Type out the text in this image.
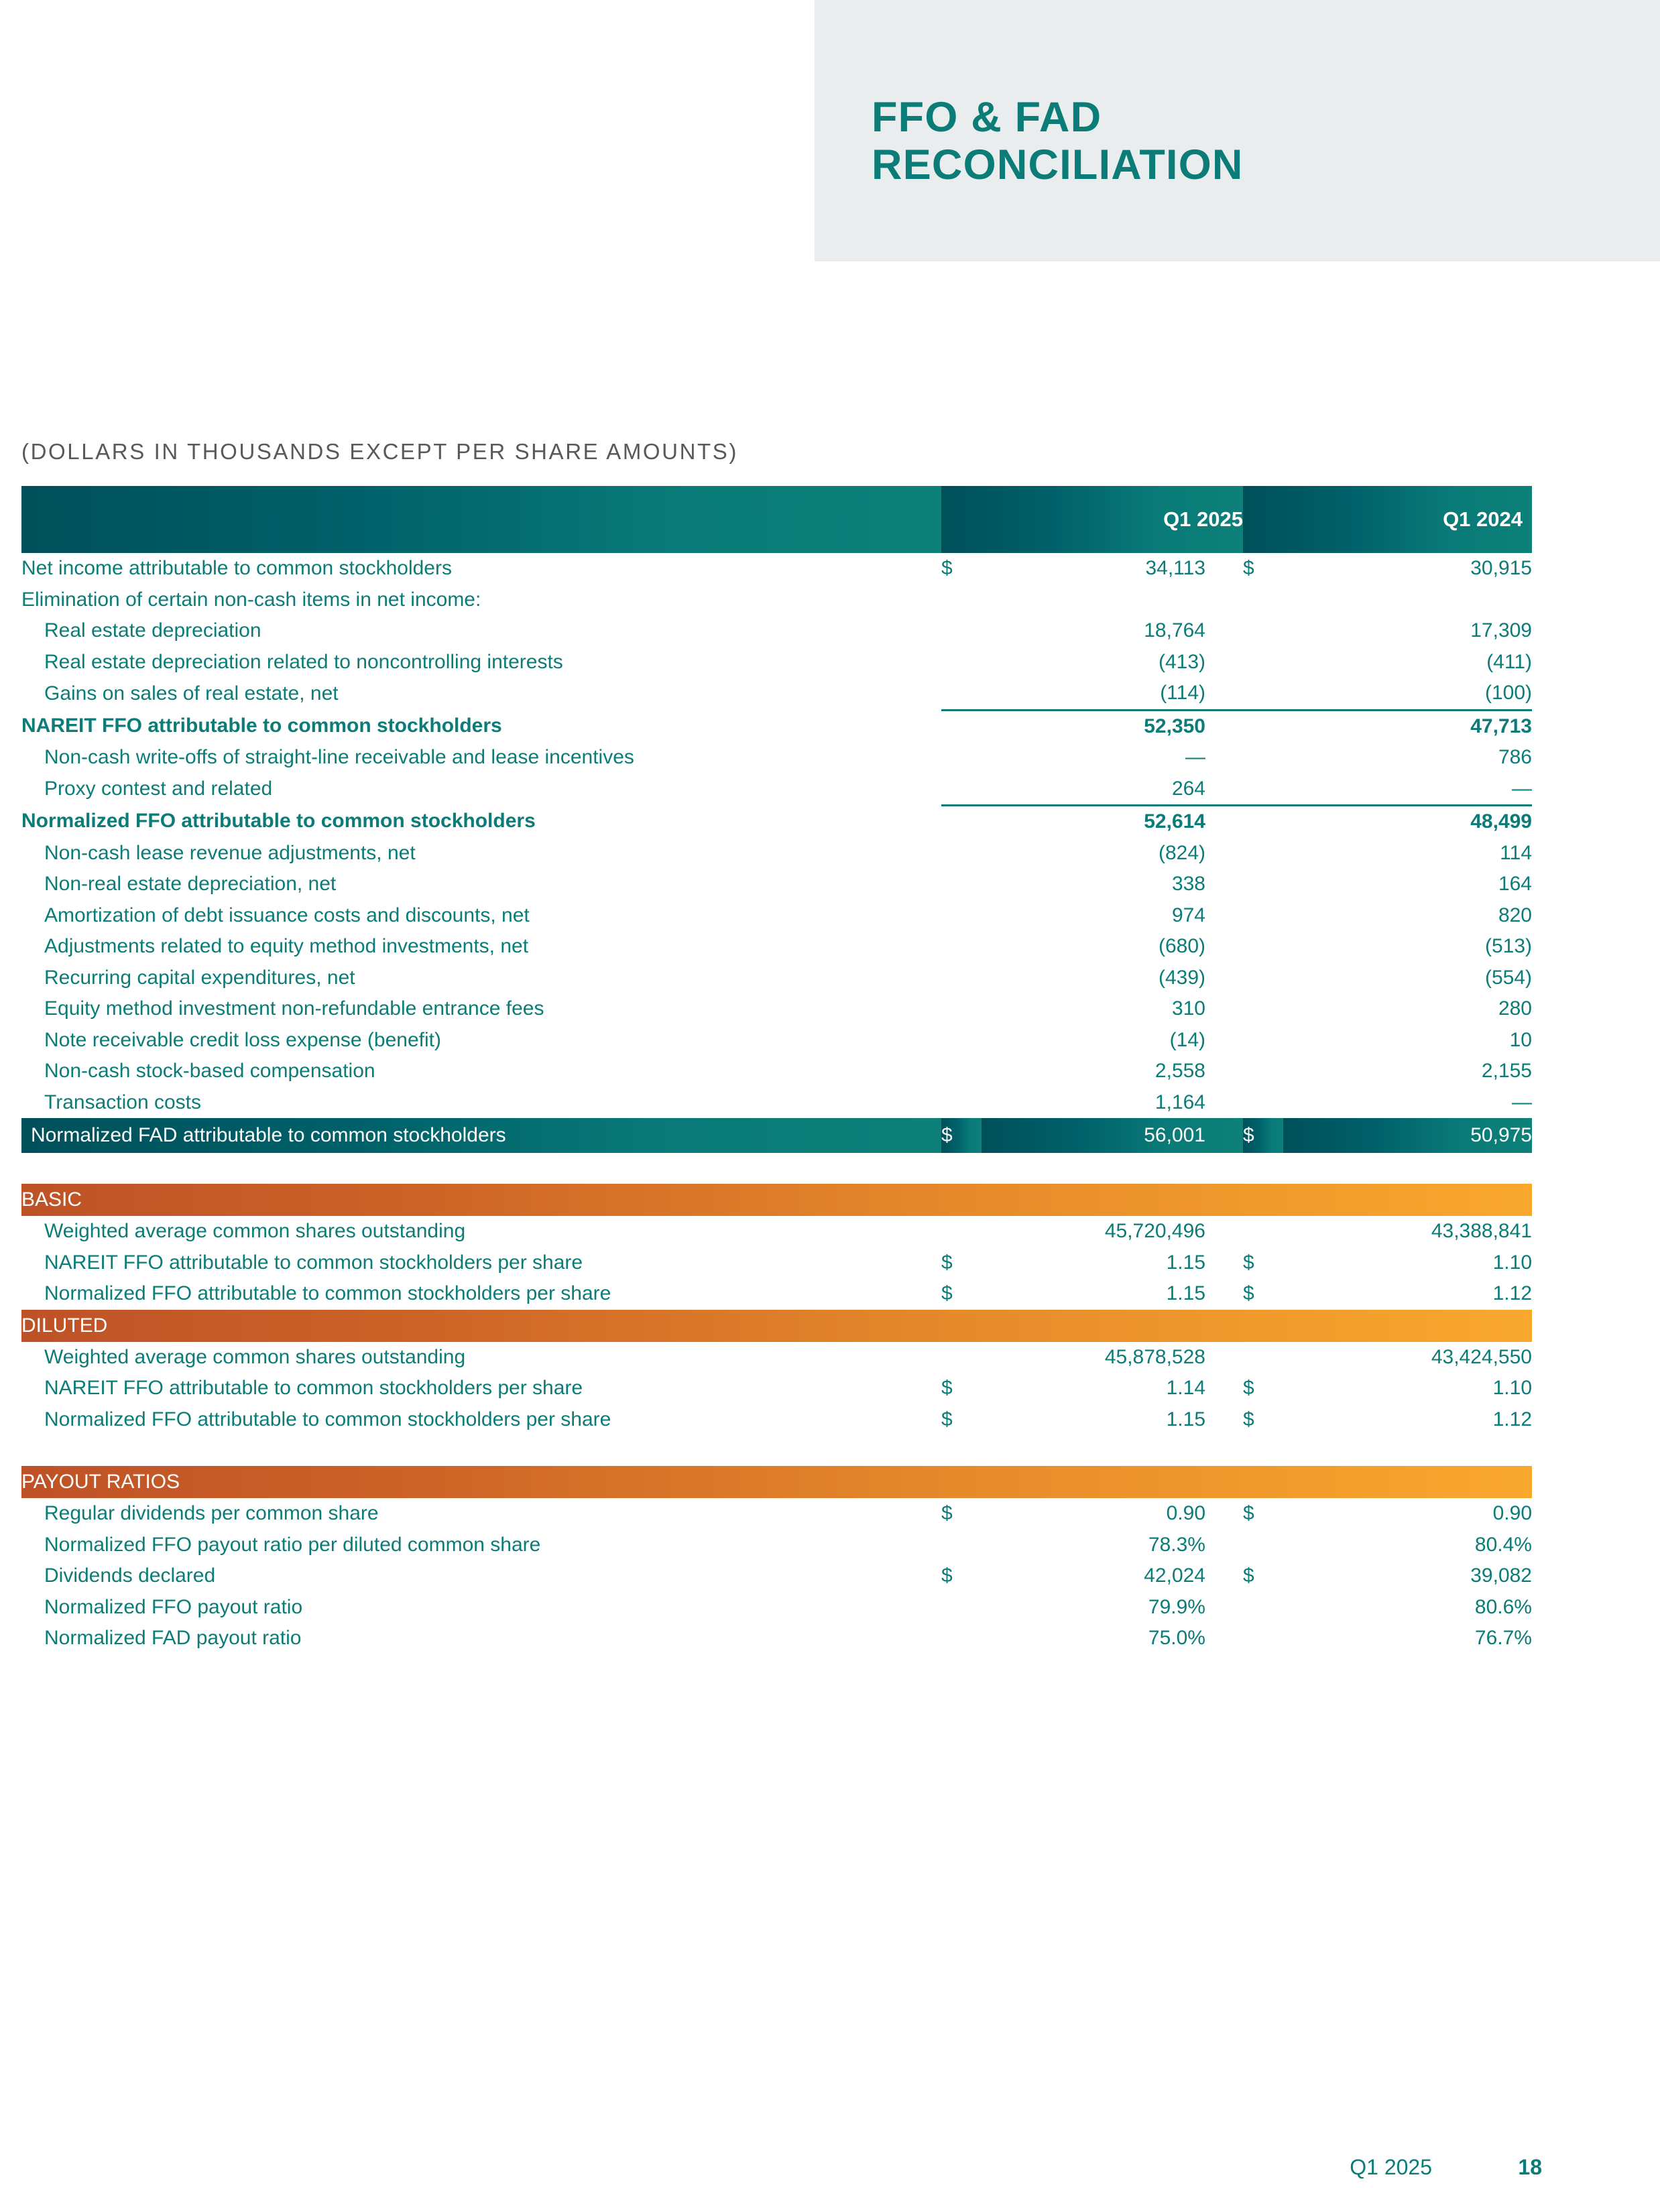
FFO & FAD
RECONCILIATION
(DOLLARS IN THOUSANDS EXCEPT PER SHARE AMOUNTS)
	Q1 2025		Q1 2024	
Net income attributable to common stockholders	$	34,113	$	30,915
Elimination of certain non-cash items in net income:				
Real estate depreciation		18,764		17,309
Real estate depreciation related to noncontrolling interests		(413)		(411)
Gains on sales of real estate, net		(114)		(100)
NAREIT FFO attributable to common stockholders		52,350		47,713
Non-cash write-offs of straight-line receivable and lease incentives		—		786
Proxy contest and related		264		—
Normalized FFO attributable to common stockholders		52,614		48,499
Non-cash lease revenue adjustments, net		(824)		114
Non-real estate depreciation, net		338		164
Amortization of debt issuance costs and discounts, net		974		820
Adjustments related to equity method investments, net		(680)		(513)
Recurring capital expenditures, net		(439)		(554)
Equity method investment non-refundable entrance fees		310		280
Note receivable credit loss expense (benefit)		(14)		10
Non-cash stock-based compensation		2,558		2,155
Transaction costs		1,164		—
Normalized FAD attributable to common stockholders	$	56,001	$	50,975

BASIC				
Weighted average common shares outstanding		45,720,496		43,388,841
NAREIT FFO attributable to common stockholders per share	$	1.15	$	1.10
Normalized FFO attributable to common stockholders per share	$	1.15	$	1.12
DILUTED				
Weighted average common shares outstanding		45,878,528		43,424,550
NAREIT FFO attributable to common stockholders per share	$	1.14	$	1.10
Normalized FFO attributable to common stockholders per share	$	1.15	$	1.12

PAYOUT RATIOS				
Regular dividends per common share	$	0.90	$	0.90
Normalized FFO payout ratio per diluted common share		78.3%		80.4%
Dividends declared	$	42,024	$	39,082
Normalized FFO payout ratio		79.9%		80.6%
Normalized FAD payout ratio		75.0%		76.7%
Q1 2025	18
